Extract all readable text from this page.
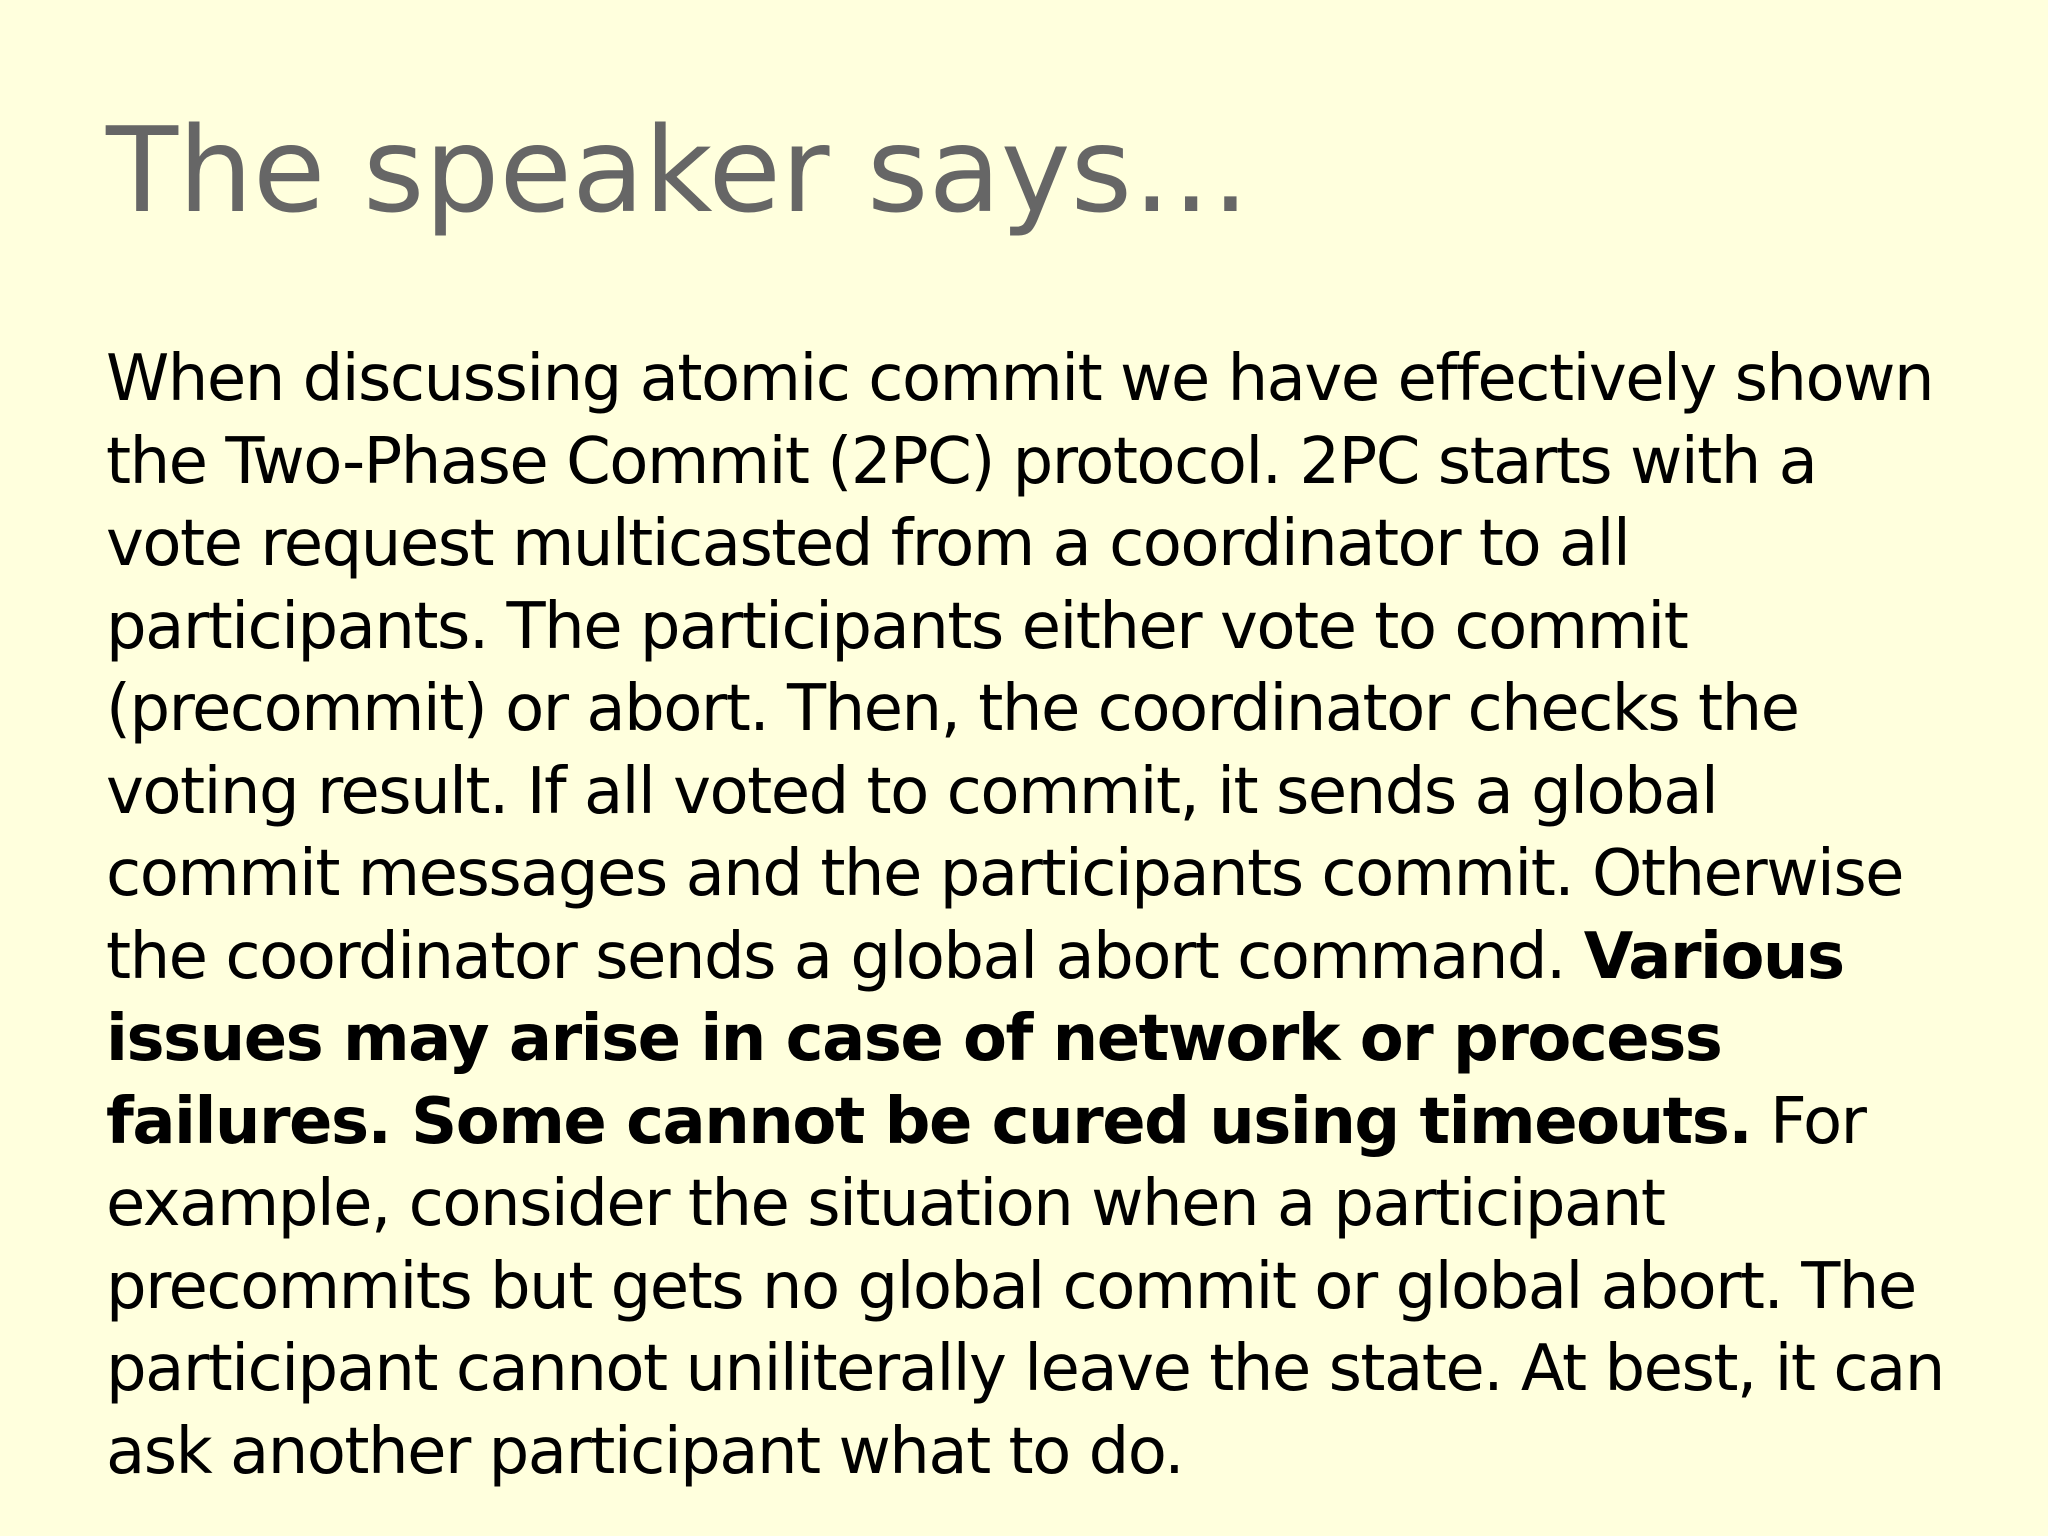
The speaker says…
When discussing atomic commit we have effectively shown
the Two-Phase Commit (2PC) protocol. 2PC starts with a
vote request multicasted from a coordinator to all
participants. The participants either vote to commit
(precommit) or abort. Then, the coordinator checks the
voting result. If all voted to commit, it sends a global
commit messages and the participants commit. Otherwise
the coordinator sends a global abort command. Various
issues may arise in case of network or process
failures. Some cannot be cured using timeouts. For
example, consider the situation when a participant
precommits but gets no global commit or global abort. The
participant cannot uniliterally leave the state. At best, it can
ask another participant what to do.
